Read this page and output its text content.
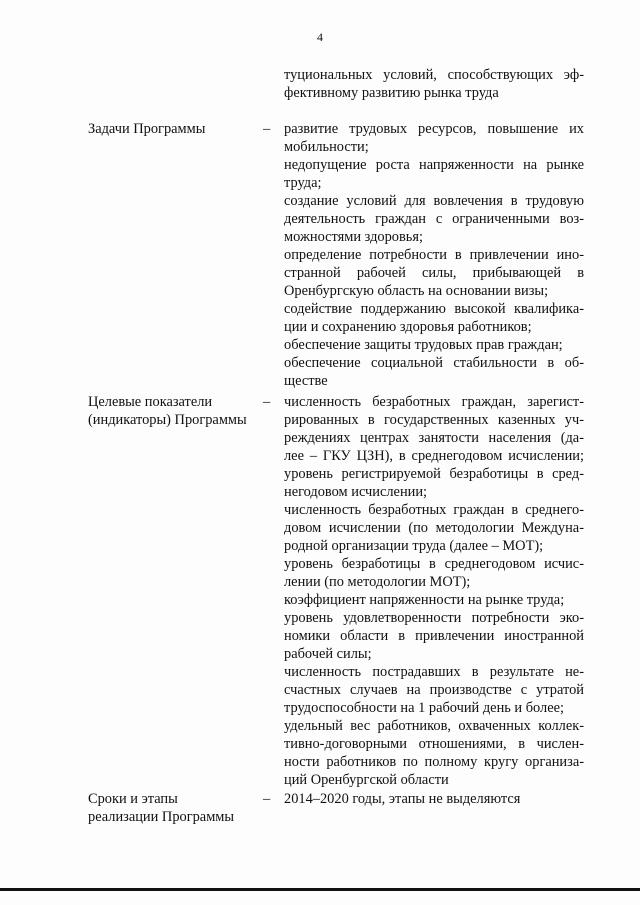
4
туциональных условий, способствующих эф-
фективному развитию рынка труда
Задачи Программы	– развитие трудовых ресурсов, повышение их
мобильности;
недопущение роста напряженности на рынке
труда;
создание условий для вовлечения в трудовую
деятельность граждан с ограниченными воз-
можностями здоровья;
определение потребности в привлечении ино-
странной рабочей силы, прибывающей в
Оренбургскую область на основании визы;
содействие поддержанию высокой квалифика-
ции и сохранению здоровья работников;
обеспечение защиты трудовых прав граждан;
обеспечение социальной стабильности в об-
ществе
Целевые показатели
(индикаторы) Программы
– численность безработных граждан, зарегист-
рированных в государственных казенных уч-
реждениях центрах занятости населения (да-
лее – ГКУ ЦЗН), в среднегодовом исчислении;
уровень регистрируемой безработицы в сред-
негодовом исчислении;
численность безработных граждан в среднего-
довом исчислении (по методологии Междуна-
родной организации труда (далее – МОТ);
уровень безработицы в среднегодовом исчис-
лении (по методологии МОТ);
коэффициент напряженности на рынке труда;
уровень удовлетворенности потребности эко-
номики области в привлечении иностранной
рабочей силы;
численность пострадавших в результате не-
счастных случаев на производстве с утратой
трудоспособности на 1 рабочий день и более;
удельный вес работников, охваченных коллек-
тивно-договорными отношениями, в числен-
ности работников по полному кругу организа-
ций Оренбургской области
Сроки и этапы
реализации Программы
– 2014–2020 годы, этапы не выделяются
